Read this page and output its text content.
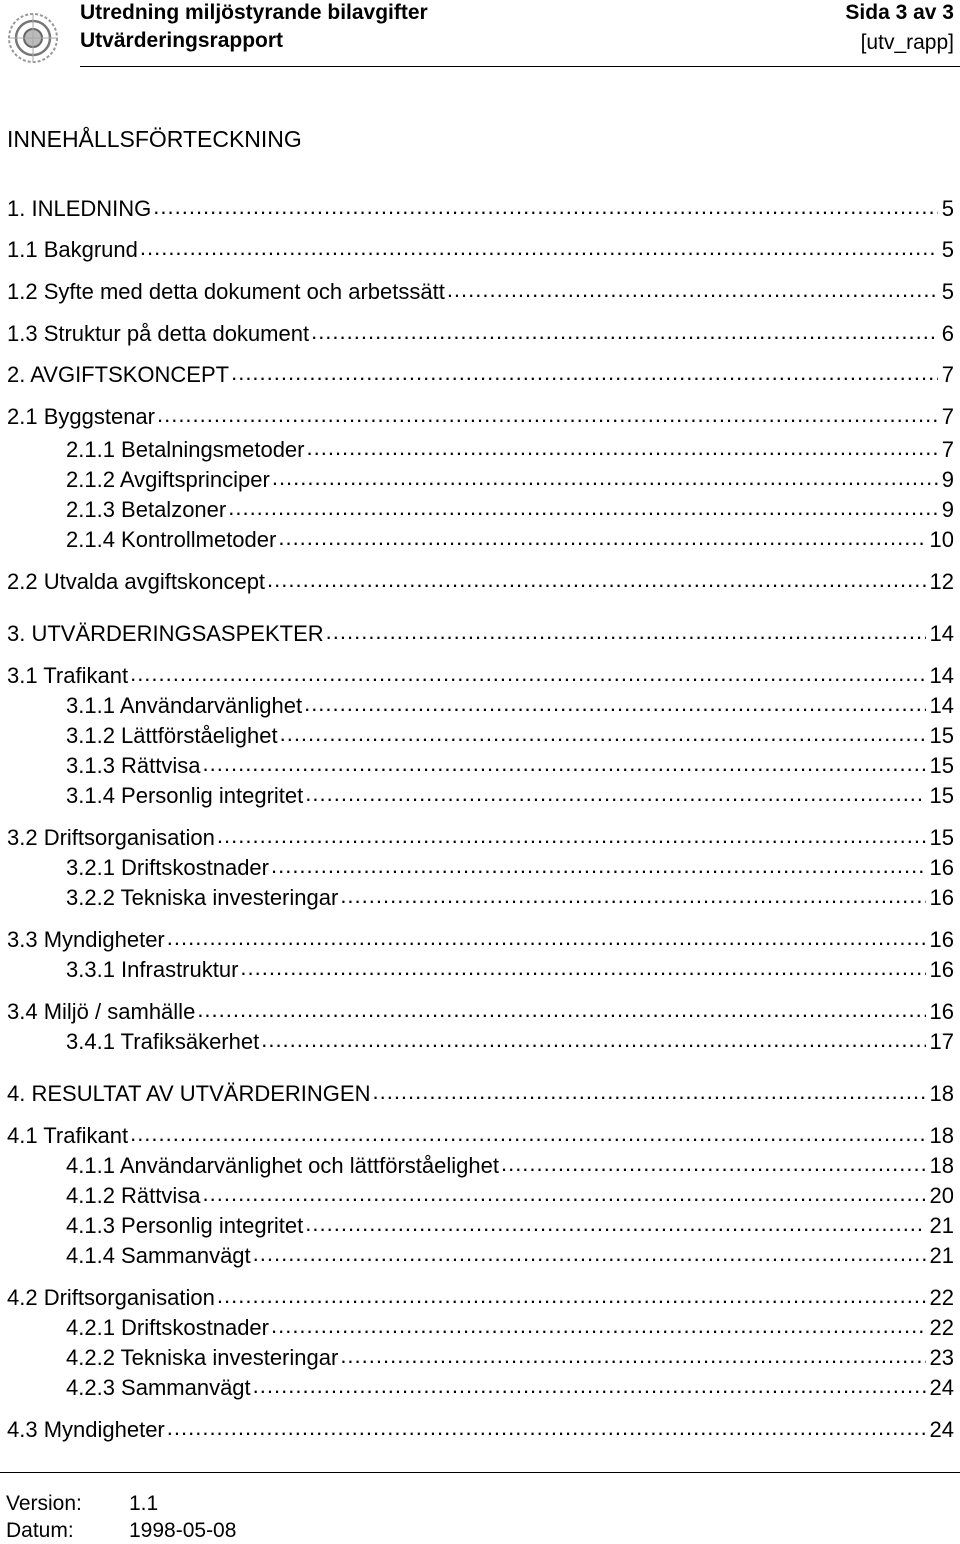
Utredning miljöstyrande bilavgifter
Utvärderingsrapport
Sida 3 av 3
[utv_rapp]
INNEHÅLLSFÖRTECKNING
1. INLEDNING .....	5
1.1 Bakgrund .....	5
1.2 Syfte med detta dokument och arbetssätt .....	5
1.3 Struktur på detta dokument .....	6
2. AVGIFTSKONCEPT .....	7
2.1 Byggstenar .....	7
2.1.1 Betalningsmetoder .....	7
2.1.2 Avgiftsprinciper .....	9
2.1.3 Betalzoner .....	9
2.1.4 Kontrollmetoder .....	10
2.2 Utvalda avgiftskoncept .....	12
3. UTVÄRDERINGSASPEKTER .....	14
3.1 Trafikant .....	14
3.1.1 Användarvänlighet .....	14
3.1.2 Lättförståelighet .....	15
3.1.3 Rättvisa .....	15
3.1.4 Personlig integritet .....	15
3.2 Driftsorganisation .....	15
3.2.1 Driftskostnader .....	16
3.2.2 Tekniska investeringar .....	16
3.3 Myndigheter .....	16
3.3.1 Infrastruktur .....	16
3.4 Miljö / samhälle .....	16
3.4.1 Trafiksäkerhet .....	17
4. RESULTAT AV UTVÄRDERINGEN .....	18
4.1 Trafikant .....	18
4.1.1 Användarvänlighet och lättförståelighet .....	18
4.1.2 Rättvisa .....	20
4.1.3 Personlig integritet .....	21
4.1.4 Sammanvägt .....	21
4.2 Driftsorganisation .....	22
4.2.1 Driftskostnader .....	22
4.2.2 Tekniska investeringar .....	23
4.2.3 Sammanvägt .....	24
4.3 Myndigheter .....	24
Version: 1.1
Datum:	1998-05-08
